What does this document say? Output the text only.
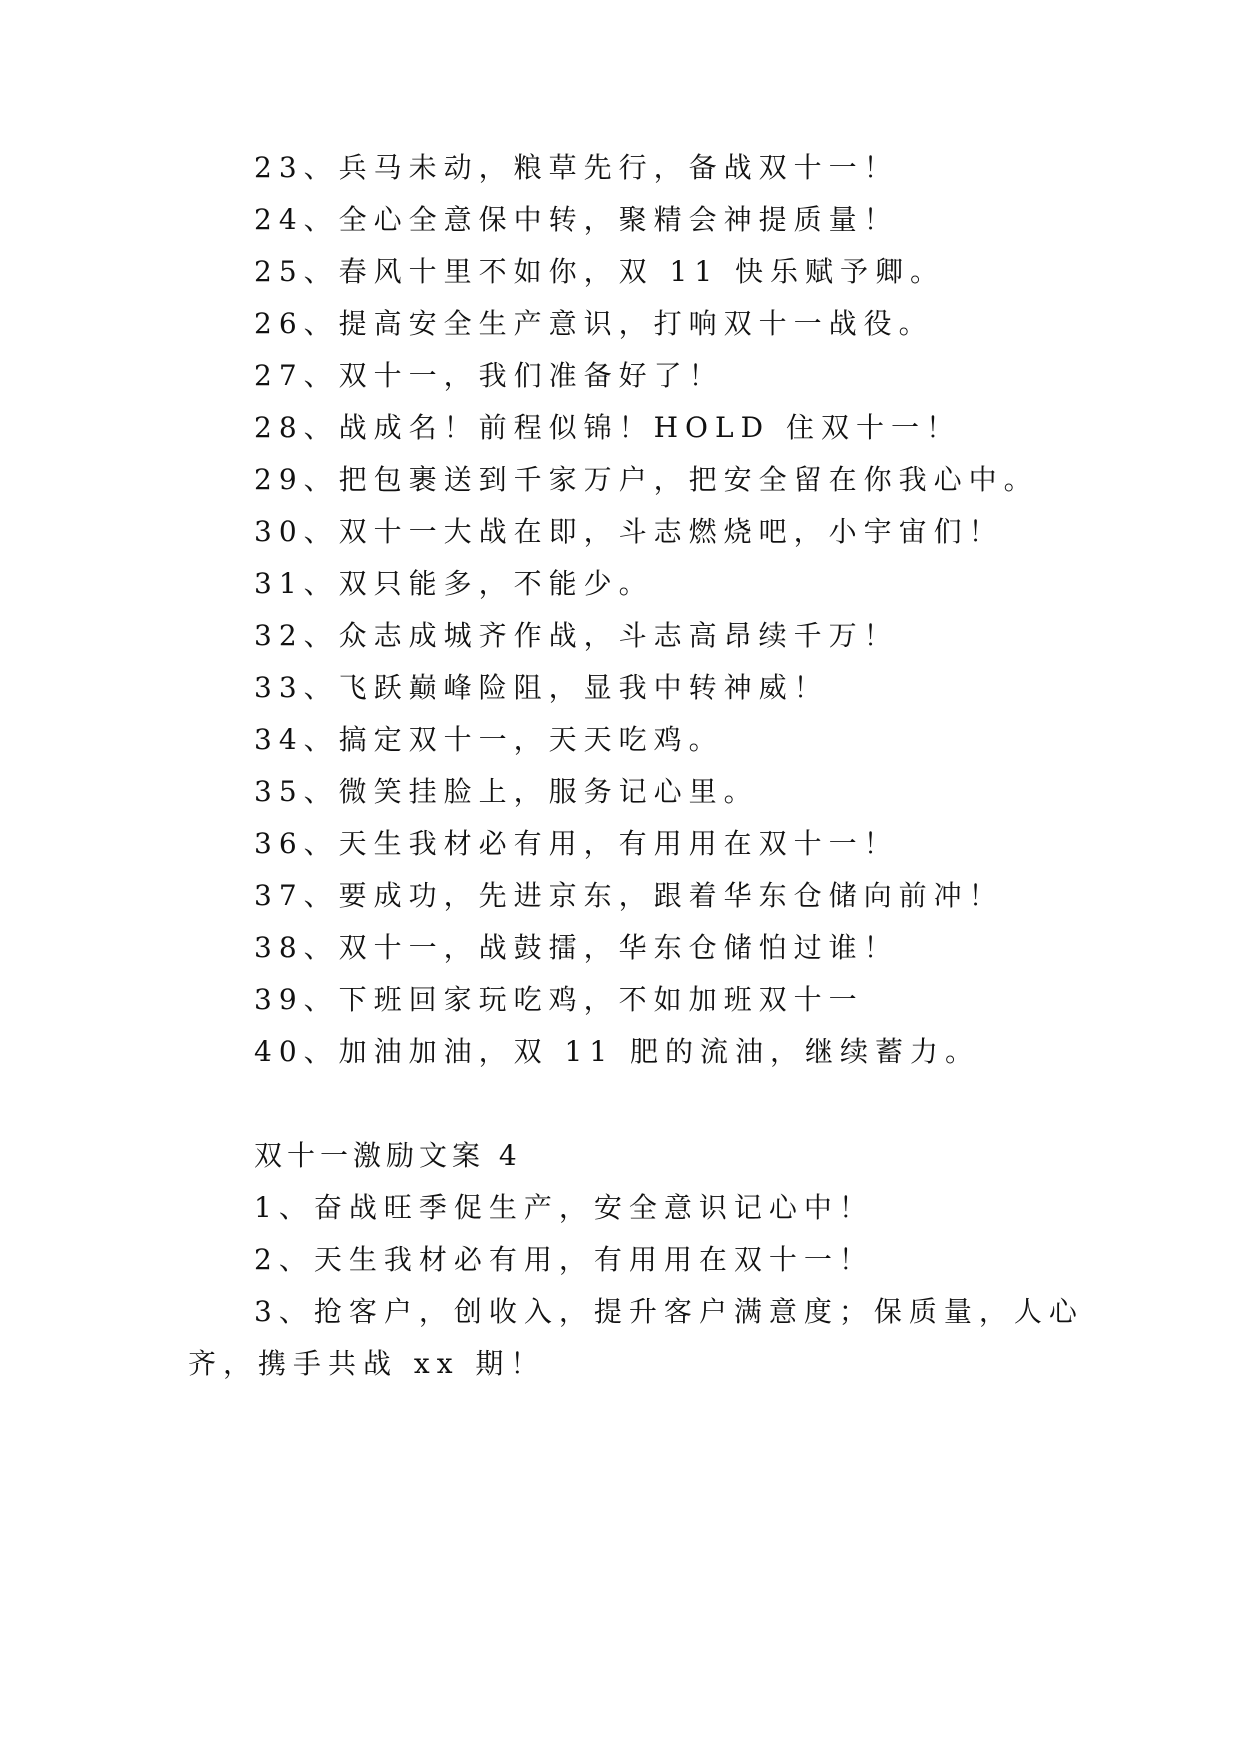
23、兵马未动，粮草先行，备战双十一！
24、全心全意保中转，聚精会神提质量！
25、春风十里不如你，双 11 快乐赋予卿。
26、提高安全生产意识，打响双十一战役。
27、双十一，我们准备好了！
28、战成名！前程似锦！HOLD 住双十一！
29、把包裹送到千家万户，把安全留在你我心中。
30、双十一大战在即，斗志燃烧吧，小宇宙们！
31、双只能多，不能少。
32、众志成城齐作战，斗志高昂续千万！
33、飞跃巅峰险阻，显我中转神威！
34、搞定双十一，天天吃鸡。
35、微笑挂脸上，服务记心里。
36、天生我材必有用，有用用在双十一！
37、要成功，先进京东，跟着华东仓储向前冲！
38、双十一，战鼓擂，华东仓储怕过谁！
39、下班回家玩吃鸡，不如加班双十一
40、加油加油，双 11 肥的流油，继续蓄力。
双十一激励文案 4
1、奋战旺季促生产，安全意识记心中！
2、天生我材必有用，有用用在双十一！
3、抢客户，创收入，提升客户满意度；保质量，人心
齐，携手共战 xx 期！
